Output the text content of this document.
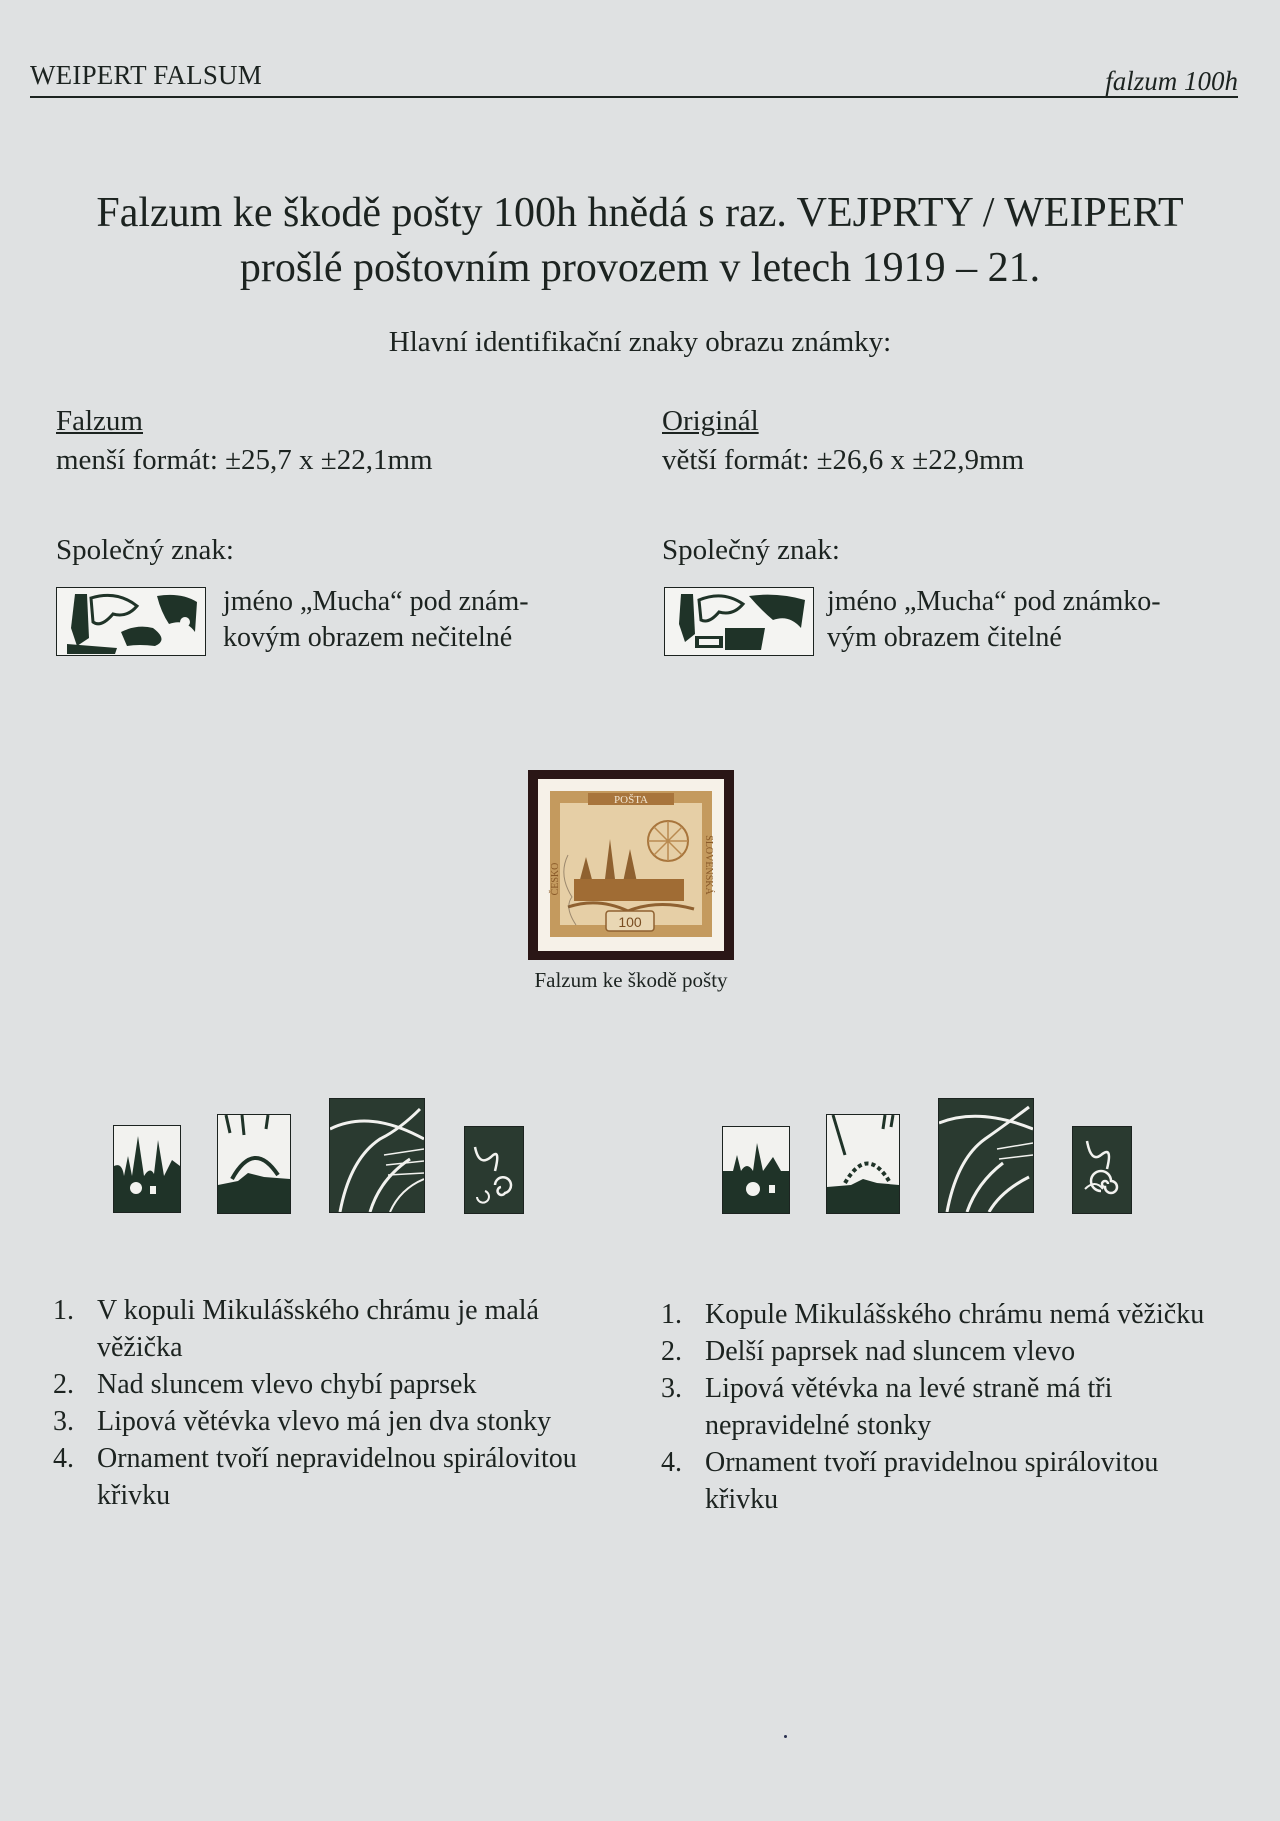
WEIPERT FALSUM	falzum 100h
Falzum ke škodě pošty 100h hnědá s raz. VEJPRTY / WEIPERT
prošlé poštovním provozem v letech 1919 – 21.
Hlavní identifikační znaky obrazu známky:
Falzum
menší formát: ±25,7 x ±22,1mm
Společný znak:
jméno „Mucha“ pod znám-
kovým obrazem nečitelné
Originál
větší formát: ±26,6 x ±22,9mm
Společný znak:
jméno „Mucha“ pod známko-
vým obrazem čitelné
POŠTA
ČESKO	SLOVENSKÁ
100
Falzum ke škodě pošty
1. V kopuli Mikulášského chrámu je malá věžička
2. Nad sluncem vlevo chybí paprsek
3. Lipová větévka vlevo má jen dva stonky
4. Ornament tvoří nepravidelnou spirálovitou křivku
1. Kopule Mikulášského chrámu nemá věžičku
2. Delší paprsek nad sluncem vlevo
3. Lipová větévka na levé straně má tři nepravidelné stonky
4. Ornament tvoří pravidelnou spirálovitou křivku
